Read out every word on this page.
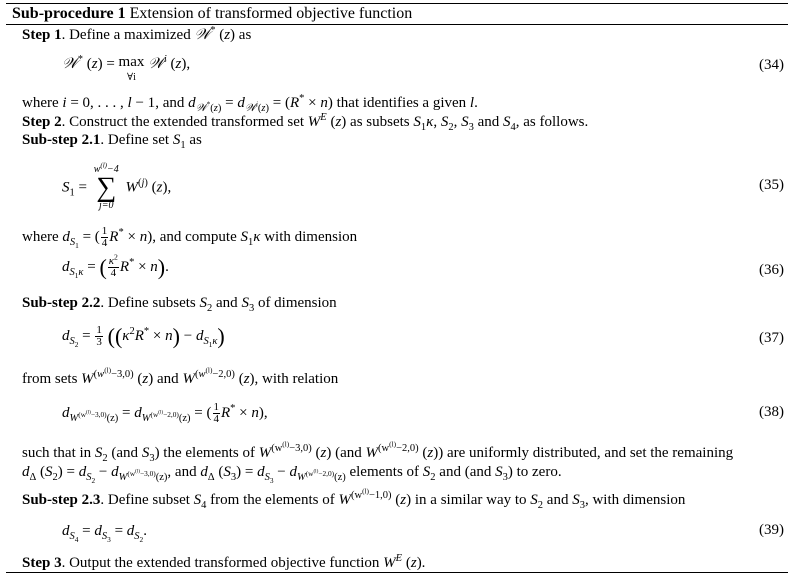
Sub-procedure 1 Extension of transformed objective function
Step 1. Define a maximized 𝒲* (z) as
𝒲* (z) = max
∀i 𝒲$^i$ (z),	(34)
where i = 0, . . . , l − 1, and $d_{𝒲^*(z)} = d_{𝒲^i(z)} = (R^* \times n)$ that identifies a given l.
Step 2. Construct the extended transformed set $W^E$ (z) as subsets $S_1\kappa$, $S_2$, $S_3$ and $S_4$, as follows.
Sub-step 2.1. Define set $S_1$ as
$S_1$ =
$w^{(l)}-4$
∑
j=0
$W^{(j)}$ (z),	(35)
where $d_{S_1}$ = ( $\frac{1}{4} R^* \times n$), and compute $S_1\kappa$ with dimension
$d_{S_1\kappa}$ = ( $\frac{\kappa^2}{4} R^* \times n$).	(36)
Sub-step 2.2. Define subsets $S_2$ and $S_3$ of dimension
$d_{S_2} = \frac{1}{3} ((\kappa^2R^* \times n) - d_{S_1\kappa})$	(37)
from sets $W^{(w^{(l)}-3,0)}$ (z) and $W^{(w^{(l)}-2,0)}$ (z), with relation
$d_{W^{(w^{(l)}-3,0)}(z)} = d_{W^{(w^{(l)}-2,0)}(z)}$ = ( $\frac{1}{4} R^* \times n$),	(38)
such that in $S_2$ (and $S_3$) the elements of $W^{(w^{(l)}-3,0)}$ (z) (and $W^{(w^{(l)}-2,0)}$ (z)) are uniformly distributed, and set the remaining
$d_\Delta$ $(S_2) = d_{S_2} - d_{W^{(w^{(l)}-3,0)}(z)}$, and $d_\Delta$ $(S_3) = d_{S_3} - d_{W^{(w^{(l)}-2,0)}(z)}$ elements of $S_2$ and (and $S_3$) to zero.
Sub-step 2.3. Define subset $S_4$ from the elements of $W^{(w^{(l)}-1,0)}$ (z) in a similar way to $S_2$ and $S_3$, with dimension
$d_{S_4} = d_{S_3} = d_{S_2}$.	(39)
Step 3. Output the extended transformed objective function $W^E$ (z).
